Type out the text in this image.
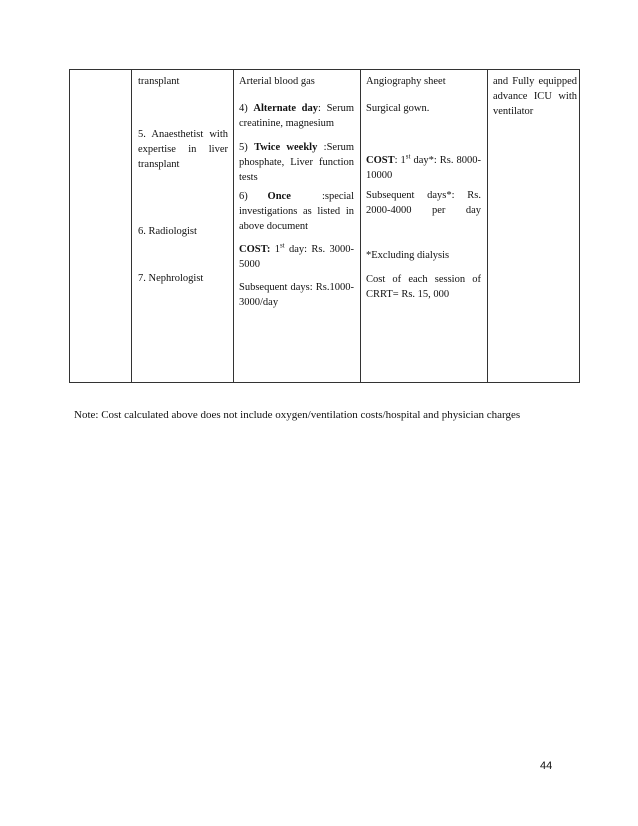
transplant

5. Anaesthetist with expertise in liver transplant

6. Radiologist

7. Nephrologist

Arterial blood gas

4) Alternate day: Serum creatinine, magnesium

5) Twice weekly :Serum phosphate, Liver function tests

6) Once	:special investigations as listed in above document

COST: 1st day: Rs. 3000-5000

Subsequent days: Rs.1000-3000/day

Angiography sheet

Surgical gown.

COST: 1st day*: Rs. 8000-10000

Subsequent days*: Rs. 2000-4000 per day

*Excluding dialysis

Cost of each session of CRRT= Rs. 15, 000

and Fully equipped advance ICU with ventilator

Note: Cost calculated above does not include oxygen/ventilation costs/hospital and physician charges
44
